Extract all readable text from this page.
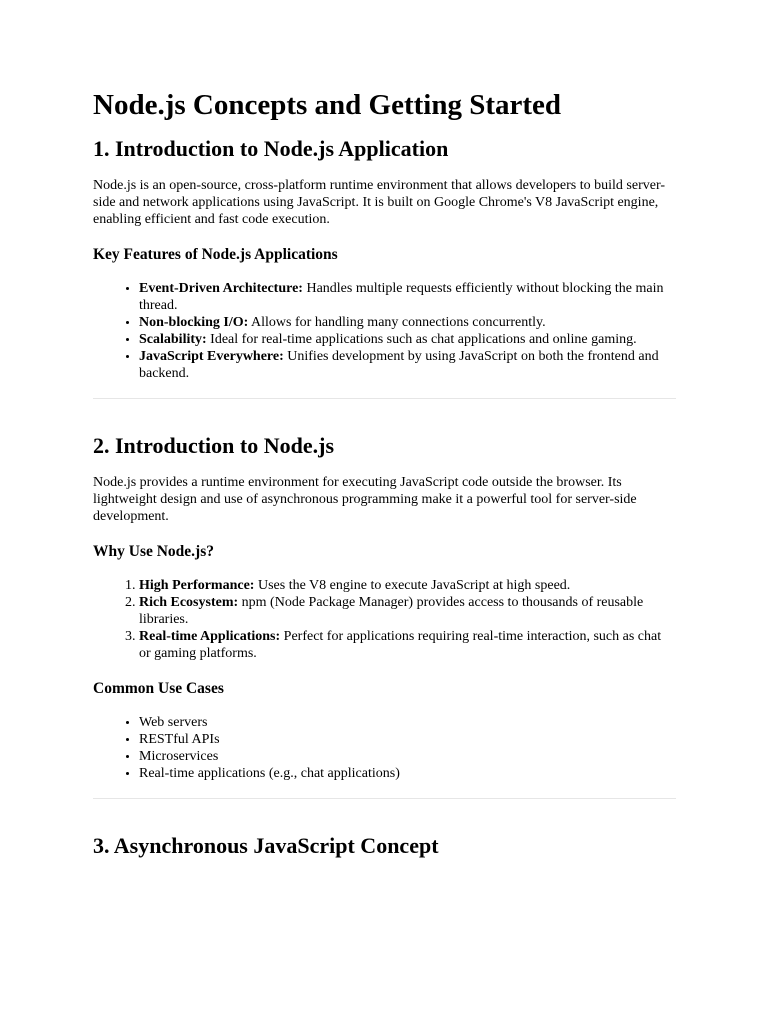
Node.js Concepts and Getting Started
1. Introduction to Node.js Application

Node.js is an open-source, cross-platform runtime environment that allows developers to build server-side and network applications using JavaScript. It is built on Google Chrome's V8 JavaScript engine, enabling efficient and fast code execution.

Key Features of Node.js Applications
• Event-Driven Architecture: Handles multiple requests efficiently without blocking the main thread.
• Non-blocking I/O: Allows for handling many connections concurrently.
• Scalability: Ideal for real-time applications such as chat applications and online gaming.
• JavaScript Everywhere: Unifies development by using JavaScript on both the frontend and backend.
2. Introduction to Node.js

Node.js provides a runtime environment for executing JavaScript code outside the browser. Its lightweight design and use of asynchronous programming make it a powerful tool for server-side development.

Why Use Node.js?
1. High Performance: Uses the V8 engine to execute JavaScript at high speed.
2. Rich Ecosystem: npm (Node Package Manager) provides access to thousands of reusable libraries.
3. Real-time Applications: Perfect for applications requiring real-time interaction, such as chat or gaming platforms.
Common Use Cases
• Web servers
• RESTful APIs
• Microservices
• Real-time applications (e.g., chat applications)
3. Asynchronous JavaScript Concept
